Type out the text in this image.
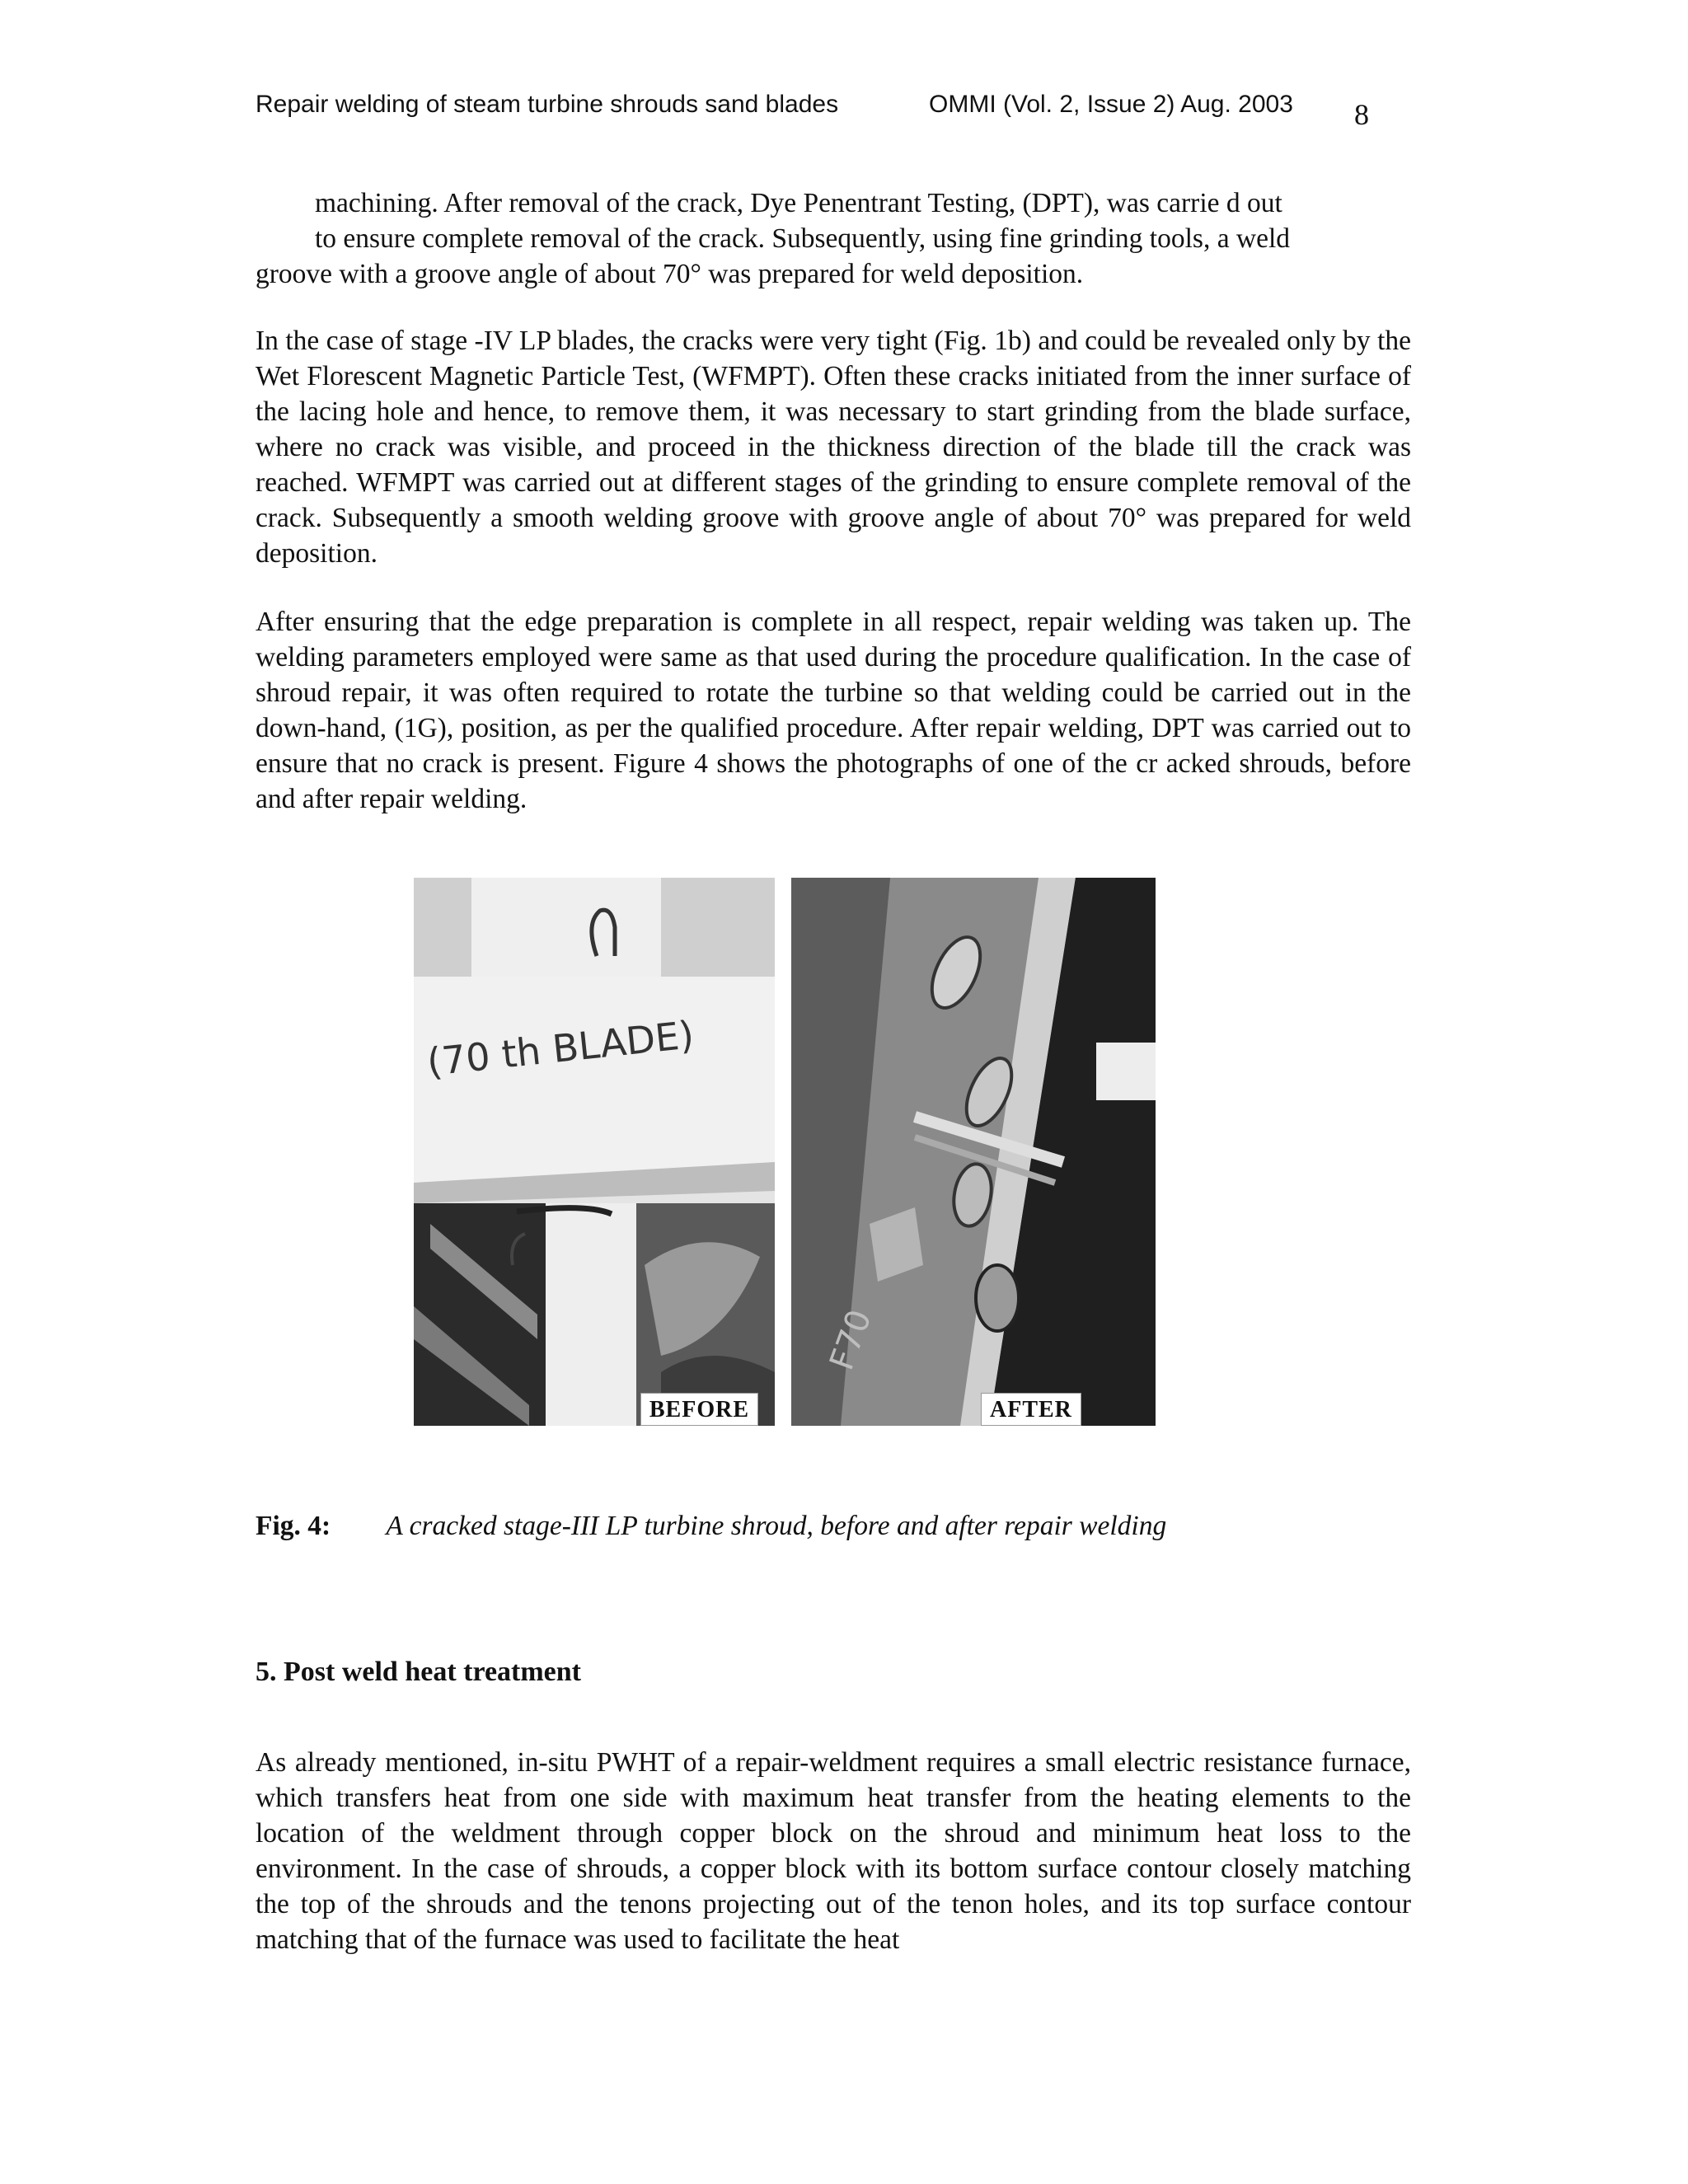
Repair welding of steam turbine shrouds sand blades	OMMI (Vol. 2, Issue 2) Aug. 2003 8

machining. After removal of the crack, Dye Penentrant Testing, (DPT), was carrie d out
to ensure complete removal of the crack. Subsequently, using fine grinding tools, a weld
groove with a groove angle of about 70° was prepared for weld deposition.

In the case of stage -IV LP blades, the cracks were very tight (Fig. 1b) and could be revealed only by the Wet Florescent Magnetic Particle Test, (WFMPT). Often these cracks initiated from the inner surface of the lacing hole and hence, to remove them, it was necessary to start grinding from the blade surface, where no crack was visible, and proceed in the thickness direction of the blade till the crack was reached. WFMPT was carried out at different stages of the grinding to ensure complete removal of the crack. Subsequently a smooth welding groove with groove angle of about 70° was prepared for weld deposition.

After ensuring that the edge preparation is complete in all respect, repair welding was taken up. The welding parameters employed were same as that used during the procedure qualification. In the case of shroud repair, it was often required to rotate the turbine so that welding could be carried out in the down-hand, (1G), position, as per the qualified procedure. After repair welding, DPT was carried out to ensure that no crack is present. Figure 4 shows the photographs of one of the cr acked shrouds, before and after repair welding.

(70 th BLADE)
BEFORE
F70
AFTER
Fig. 4: A cracked stage-III LP turbine shroud, before and after repair welding
5. Post weld heat treatment

As already mentioned, in-situ PWHT of a repair-weldment requires a small electric resistance furnace, which transfers heat from one side with maximum heat transfer from the heating elements to the location of the weldment through copper block on the shroud and minimum heat loss to the environment. In the case of shrouds, a copper block with its bottom surface contour closely matching the top of the shrouds and the tenons projecting out of the tenon holes, and its top surface contour matching that of the furnace was used to facilitate the heat
